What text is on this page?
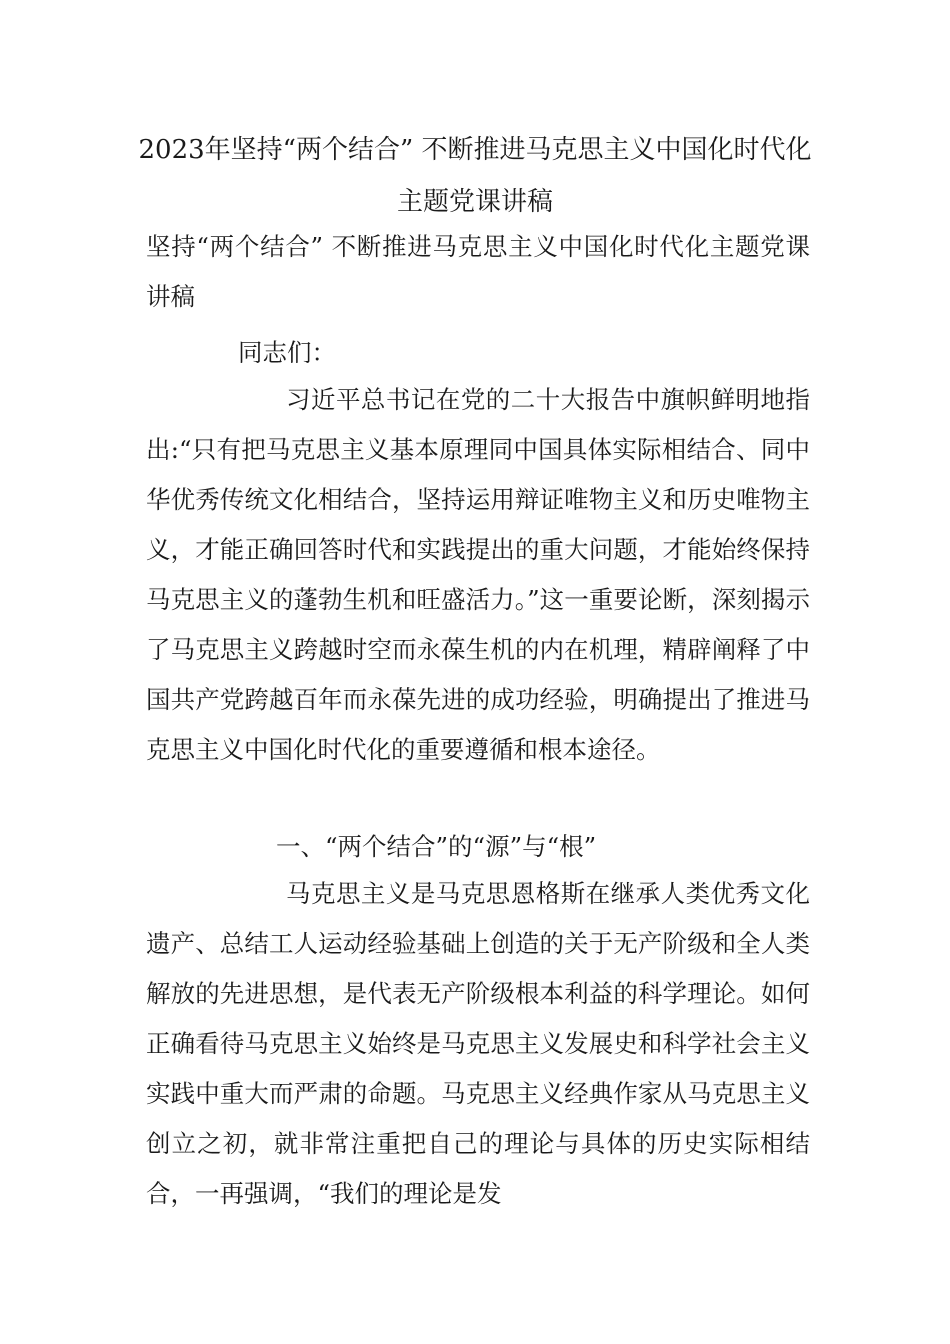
2023年坚持“两个结合” 不断推进马克思主义中国化时代化主题党课讲稿

坚持“两个结合” 不断推进马克思主义中国化时代化主题党课讲稿

同志们：

习近平总书记在党的二十大报告中旗帜鲜明地指出:“只有把马克思主义基本原理同中国具体实际相结合、同中华优秀传统文化相结合，坚持运用辩证唯物主义和历史唯物主义，才能正确回答时代和实践提出的重大问题，才能始终保持马克思主义的蓬勃生机和旺盛活力。”这一重要论断，深刻揭示了马克思主义跨越时空而永葆生机的内在机理，精辟阐释了中国共产党跨越百年而永葆先进的成功经验，明确提出了推进马克思主义中国化时代化的重要遵循和根本途径。

一、“两个结合”的“源”与“根”

马克思主义是马克思恩格斯在继承人类优秀文化遗产、总结工人运动经验基础上创造的关于无产阶级和全人类解放的先进思想，是代表无产阶级根本利益的科学理论。如何正确看待马克思主义始终是马克思主义发展史和科学社会主义实践中重大而严肃的命题。马克思主义经典作家从马克思主义创立之初，就非常注重把自己的理论与具体的历史实际相结合，一再强调，“我们的理论是发
